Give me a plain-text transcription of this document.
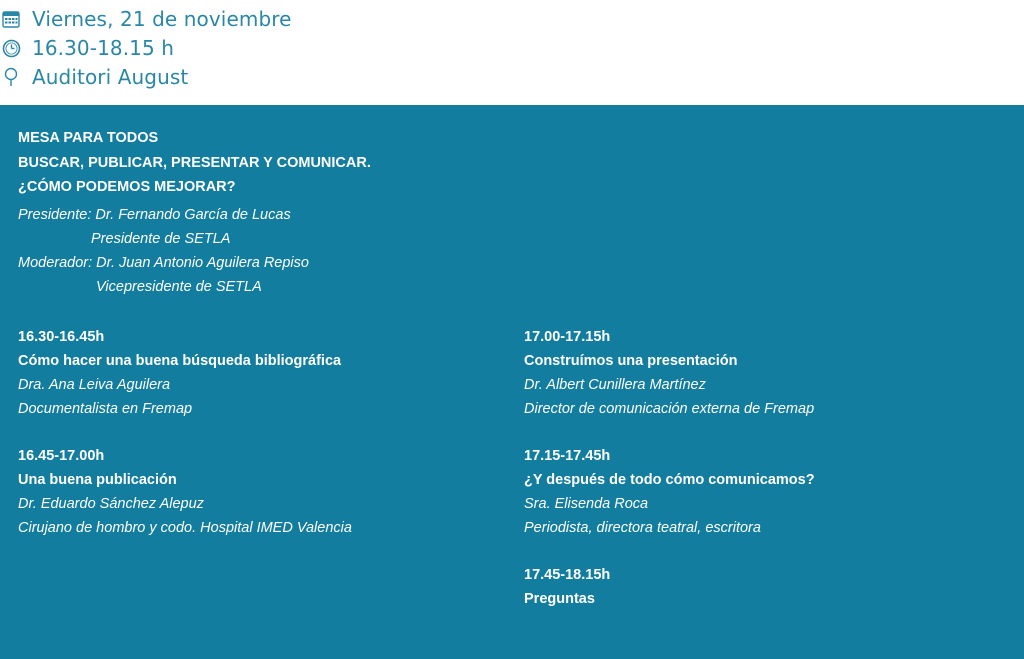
Viernes, 21 de noviembre
16.30-18.15 h
Auditori August
MESA PARA TODOS
BUSCAR, PUBLICAR, PRESENTAR Y COMUNICAR.
¿CÓMO PODEMOS MEJORAR?
Presidente: Dr. Fernando García de Lucas
Presidente de SETLA
Moderador: Dr. Juan Antonio Aguilera Repiso
Vicepresidente de SETLA
16.30-16.45h
Cómo hacer una buena búsqueda bibliográfica
Dra. Ana Leiva Aguilera
Documentalista en Fremap
16.45-17.00h
Una buena publicación
Dr. Eduardo Sánchez Alepuz
Cirujano de hombro y codo. Hospital IMED Valencia
17.00-17.15h
Construímos una presentación
Dr. Albert Cunillera Martínez
Director de comunicación externa de Fremap
17.15-17.45h
¿Y después de todo cómo comunicamos?
Sra. Elisenda Roca
Periodista, directora teatral, escritora
17.45-18.15h
Preguntas
